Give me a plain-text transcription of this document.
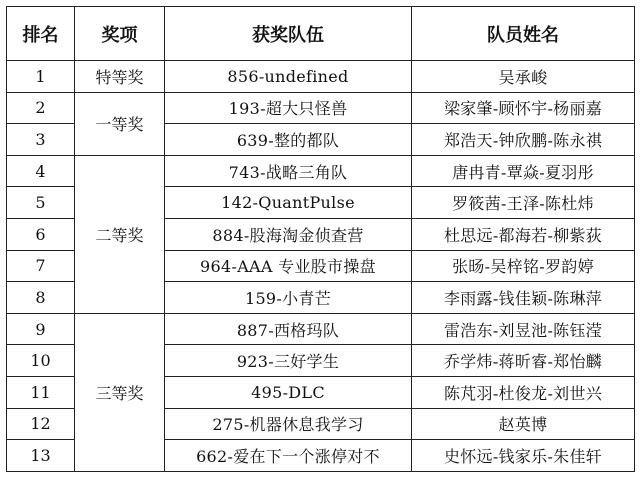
排名	奖项	获奖队伍	队员姓名
1	特等奖	856-undefined	吴承峻
2	一等奖	193-超大只怪兽	梁家肇-顾怀宇-杨丽嘉
3		639-整的都队	郑浩天-钟欣鹏-陈永祺
4	二等奖	743-战略三角队	唐冉青-覃焱-夏羽彤
5		142-QuantPulse	罗筱茜-王泽-陈杜炜
6		884-股海淘金侦查营	杜思远-都海若-柳紫荻
7		964-AAA 专业股市操盘	张旸-吴梓铭-罗韵婷
8		159-小青芒	李雨露-钱佳颖-陈琳萍
9	三等奖	887-西格玛队	雷浩东-刘昱池-陈钰滢
10		923-三好学生	乔学炜-蒋昕睿-郑怡麟
11		495-DLC	陈芃羽-杜俊龙-刘世兴
12		275-机器休息我学习	赵英博
13		662-爱在下一个涨停对不	史怀远-钱家乐-朱佳轩
